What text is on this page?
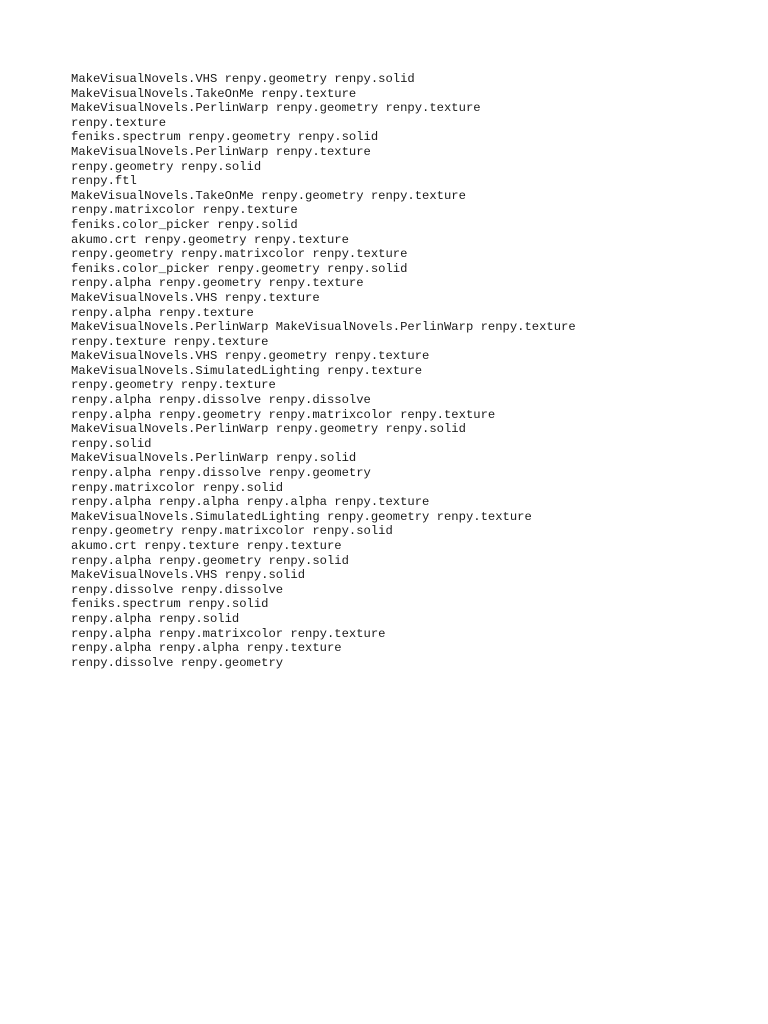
MakeVisualNovels.VHS renpy.geometry renpy.solid
MakeVisualNovels.TakeOnMe renpy.texture
MakeVisualNovels.PerlinWarp renpy.geometry renpy.texture
renpy.texture
feniks.spectrum renpy.geometry renpy.solid
MakeVisualNovels.PerlinWarp renpy.texture
renpy.geometry renpy.solid
renpy.ftl
MakeVisualNovels.TakeOnMe renpy.geometry renpy.texture
renpy.matrixcolor renpy.texture
feniks.color_picker renpy.solid
akumo.crt renpy.geometry renpy.texture
renpy.geometry renpy.matrixcolor renpy.texture
feniks.color_picker renpy.geometry renpy.solid
renpy.alpha renpy.geometry renpy.texture
MakeVisualNovels.VHS renpy.texture
renpy.alpha renpy.texture
MakeVisualNovels.PerlinWarp MakeVisualNovels.PerlinWarp renpy.texture
renpy.texture renpy.texture
MakeVisualNovels.VHS renpy.geometry renpy.texture
MakeVisualNovels.SimulatedLighting renpy.texture
renpy.geometry renpy.texture
renpy.alpha renpy.dissolve renpy.dissolve
renpy.alpha renpy.geometry renpy.matrixcolor renpy.texture
MakeVisualNovels.PerlinWarp renpy.geometry renpy.solid
renpy.solid
MakeVisualNovels.PerlinWarp renpy.solid
renpy.alpha renpy.dissolve renpy.geometry
renpy.matrixcolor renpy.solid
renpy.alpha renpy.alpha renpy.alpha renpy.texture
MakeVisualNovels.SimulatedLighting renpy.geometry renpy.texture
renpy.geometry renpy.matrixcolor renpy.solid
akumo.crt renpy.texture renpy.texture
renpy.alpha renpy.geometry renpy.solid
MakeVisualNovels.VHS renpy.solid
renpy.dissolve renpy.dissolve
feniks.spectrum renpy.solid
renpy.alpha renpy.solid
renpy.alpha renpy.matrixcolor renpy.texture
renpy.alpha renpy.alpha renpy.texture
renpy.dissolve renpy.geometry
